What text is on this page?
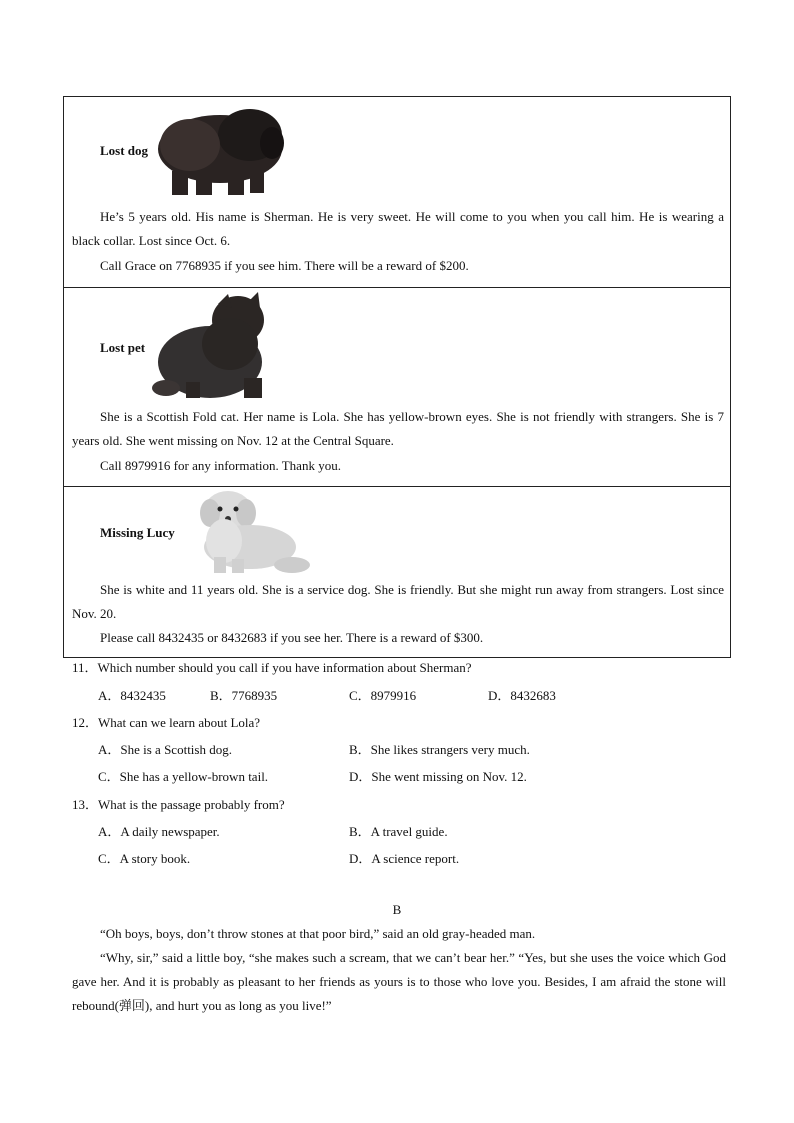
Lost dog
He’s 5 years old. His name is Sherman. He is very sweet. He will come to you when you call him. He is wearing a black collar. Lost since Oct. 6.
Call Grace on 7768935 if you see him. There will be a reward of $200.
Lost pet
She is a Scottish Fold cat. Her name is Lola. She has yellow-brown eyes. She is not friendly with strangers. She is 7 years old. She went missing on Nov. 12 at the Central Square.
Call 8979916 for any information. Thank you.
Missing Lucy
She is white and 11 years old. She is a service dog. She is friendly. But she might run away from strangers. Lost since Nov. 20.
Please call 8432435 or 8432683 if you see her. There is a reward of $300.
11．Which number should you call if you have information about Sherman?
A．8432435	B．7768935	C．8979916	D．8432683
12．What can we learn about Lola?
A．She is a Scottish dog.	B．She likes strangers very much.
C．She has a yellow-brown tail.	D．She went missing on Nov. 12.
13．What is the passage probably from?
A．A daily newspaper.	B．A travel guide.
C．A story book.	D．A science report.
B
“Oh boys, boys, don’t throw stones at that poor bird,” said an old gray-headed man.
“Why, sir,” said a little boy, “she makes such a scream, that we can’t bear her.” “Yes, but she uses the voice which God gave her. And it is probably as pleasant to her friends as yours is to those who love you. Besides, I am afraid the stone will rebound(弹回), and hurt you as long as you live!”
